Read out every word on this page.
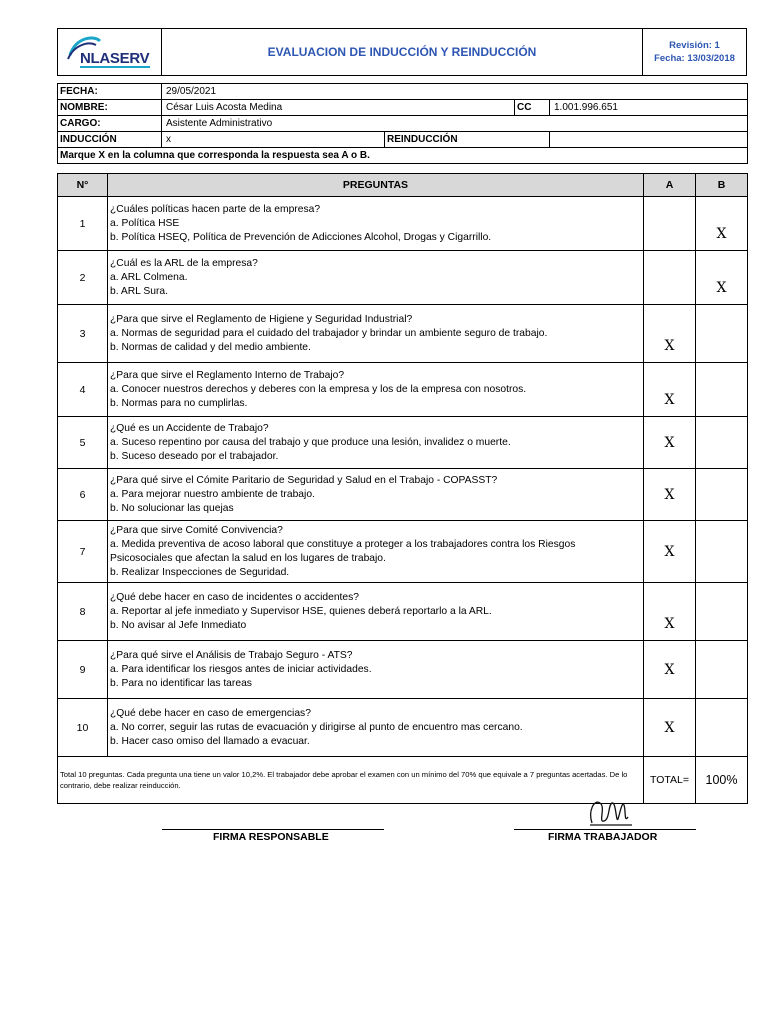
NLASERV	EVALUACION DE INDUCCIÓN Y REINDUCCIÓN	Revisión: 1
Fecha: 13/03/2018
FECHA:	29/05/2021			
NOMBRE:	César Luis Acosta Medina		CC	1.001.996.651
CARGO:	Asistente Administrativo			
INDUCCIÓN	x	REINDUCCIÓN		
Marque X en la columna que corresponda la respuesta sea A o B.				
N°	PREGUNTAS	A	B
1	¿Cuáles políticas hacen parte de la empresa?
a. Política HSE
b. Política HSEQ, Política de Prevención de Adicciones Alcohol, Drogas y Cigarrillo.		X
2	¿Cuál es la ARL de la empresa?
a. ARL Colmena.
b. ARL Sura.		X
3	¿Para que sirve el Reglamento de Higiene y Seguridad Industrial?
a. Normas de seguridad para el cuidado del trabajador y brindar un ambiente seguro de trabajo.
b. Normas de calidad y del medio ambiente.	X	
4	¿Para que sirve el Reglamento Interno de Trabajo?
a. Conocer nuestros derechos y deberes con la empresa y los de la empresa con nosotros.
b. Normas para no cumplirlas.	X	
5	¿Qué es un Accidente de Trabajo?
a. Suceso repentino por causa del trabajo y que produce una lesión, invalidez o muerte.
b. Suceso deseado por el trabajador.	X	
6	¿Para qué sirve el Cómite Paritario de Seguridad y Salud en el Trabajo - COPASST?
a. Para mejorar nuestro ambiente de trabajo.
b. No solucionar las quejas	X	
7	¿Para que sirve Comité Convivencia?
a. Medida preventiva de acoso laboral que constituye a proteger a los trabajadores contra los Riesgos
Psicosociales que afectan la salud en los lugares de trabajo.
b. Realizar Inspecciones de Seguridad.	X	
8	¿Qué debe hacer en caso de incidentes o accidentes?
a. Reportar al jefe inmediato y Supervisor HSE, quienes deberá reportarlo a la ARL.
b. No avisar al Jefe Inmediato	X	
9	¿Para qué sirve el Análisis de Trabajo Seguro - ATS?
a. Para identificar los riesgos antes de iniciar actividades.
b. Para no identificar las tareas	X	
10	¿Qué debe hacer en caso de emergencias?
a. No correr, seguir las rutas de evacuación y dirigirse al punto de encuentro mas cercano.
b. Hacer caso omiso del llamado a evacuar.	X	
Total 10 preguntas. Cada pregunta una tiene un valor 10,2%. El trabajador debe aprobar el examen con un mínimo del 70% que equivale a 7 preguntas acertadas. De lo contrario, debe realizar reinducción.		TOTAL=	100%
FIRMA RESPONSABLE	FIRMA TRABAJADOR
